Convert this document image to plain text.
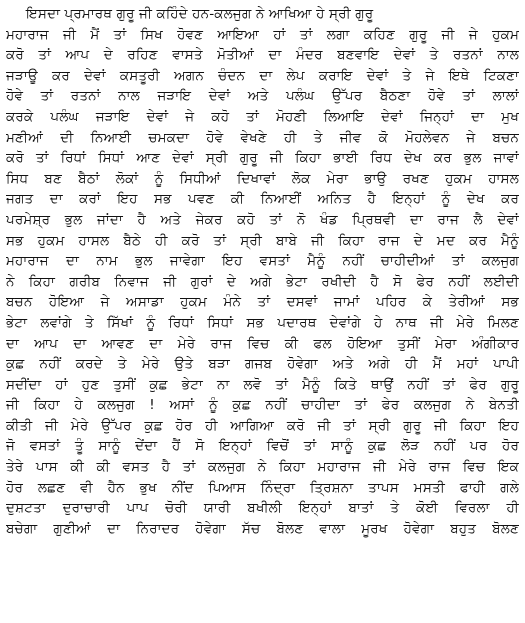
ਇਸਦਾ ਪ੍ਰਮਾਰਥ ਗੁਰੂ ਜੀ ਕਹਿੰਦੇ ਹਨ-ਕਲਜੁਗ ਨੇ ਆਖਿਆ ਹੇ ਸ੍ਰੀ ਗੁਰੂ
ਮਹਾਰਾਜ ਜੀ ਮੈਂ ਤਾਂ ਸਿਖ ਹੋਵਣ ਆਇਆ ਹਾਂ ਤਾਂ ਲਗਾ ਕਹਿਣ ਗੁਰੂ ਜੀ ਜੇ ਹੁਕਮ
ਕਰੋ ਤਾਂ ਆਪ ਦੇ ਰਹਿਣ ਵਾਸਤੇ ਮੋਤੀਆਂ ਦਾ ਮੰਦਰ ਬਣਵਾਇ ਦੇਵਾਂ ਤੇ ਰਤਨਾਂ ਨਾਲ
ਜੜਾਊ ਕਰ ਦੇਵਾਂ ਕਸਤੂਰੀ ਅਗਨ ਚੰਦਨ ਦਾ ਲੇਪ ਕਰਾਇ ਦੇਵਾਂ ਤੇ ਜੇ ਇਥੇ ਟਿਕਣਾ
ਹੋਵੇ ਤਾਂ ਰਤਨਾਂ ਨਾਲ ਜੜਾਇ ਦੇਵਾਂ ਅਤੇ ਪਲੰਘ ਉੱਪਰ ਬੈਠਣਾ ਹੋਵੇ ਤਾਂ ਲਾਲਾਂ
ਕਰਕੇ ਪਲੰਘ ਜੜਾਇ ਦੇਵਾਂ ਜੇ ਕਹੋ ਤਾਂ ਮੋਹਣੀ ਲਿਆਇ ਦੇਵਾਂ ਜਿਨ੍ਹਾਂ ਦਾ ਮੁਖ
ਮਣੀਆਂ ਦੀ ਨਿਆਈ ਚਮਕਦਾ ਹੋਵੇ ਵੇਖਣੇ ਹੀ ਤੇ ਜੀਵ ਕੋ ਮੋਹਲੇਵਨ ਜੇ ਬਚਨ
ਕਰੋ ਤਾਂ ਰਿਧਾਂ ਸਿਧਾਂ ਆਣ ਦੇਵਾਂ ਸ੍ਰੀ ਗੁਰੂ ਜੀ ਕਿਹਾ ਭਾਈ ਰਿਧ ਦੇਖ ਕਰ ਭੁਲ ਜਾਵਾਂ
ਸਿਧ ਬਣ ਬੈਠਾਂ ਲੋਕਾਂ ਨੂੰ ਸਿਧੀਆਂ ਦਿਖਾਵਾਂ ਲੋਕ ਮੇਰਾ ਭਾਉ ਰਖਣ ਹੁਕਮ ਹਾਸਲ
ਜਗਤ ਦਾ ਕਰਾਂ ਇਹ ਸਭ ਪਵਣ ਕੀ ਨਿਆਈਂ ਅਨਿਤ ਹੈ ਇਨ੍ਹਾਂ ਨੂੰ ਦੇਖ ਕਰ
ਪਰਮੇਸ਼੍ਰ ਭੁਲ ਜਾਂਦਾ ਹੈ ਅਤੇ ਜੇਕਰ ਕਹੋ ਤਾਂ ਨੋ ਖੰਡ ਪ੍ਰਿਥਵੀ ਦਾ ਰਾਜ ਲੈ ਦੇਵਾਂ
ਸਭ ਹੁਕਮ ਹਾਸਲ ਬੈਠੇ ਹੀ ਕਰੋ ਤਾਂ ਸ੍ਰੀ ਬਾਬੇ ਜੀ ਕਿਹਾ ਰਾਜ ਦੇ ਮਦ ਕਰ ਮੈਨੂੰ
ਮਹਾਰਾਜ ਦਾ ਨਾਮ ਭੁਲ ਜਾਵੇਗਾ ਇਹ ਵਸਤਾਂ ਮੈਨੂੰ ਨਹੀਂ ਚਾਹੀਦੀਆਂ ਤਾਂ ਕਲਜੁਗ
ਨੇ ਕਿਹਾ ਗਰੀਬ ਨਿਵਾਜ ਜੀ ਗੁਰਾਂ ਦੇ ਅਗੇ ਭੇਟਾ ਰਖੀਦੀ ਹੈ ਸੋ ਫੇਰ ਨਹੀਂ ਲਈਦੀ
ਬਚਨ ਹੋਇਆ ਜੇ ਅਸਾਡਾ ਹੁਕਮ ਮੰਨੇ ਤਾਂ ਦਸਵਾਂ ਜਾਮਾਂ ਪਹਿਰ ਕੇ ਤੇਰੀਆਂ ਸਭ
ਭੇਟਾ ਲਵਾਂਗੇ ਤੇ ਸਿੱਖਾਂ ਨੂੰ ਰਿਧਾਂ ਸਿਧਾਂ ਸਭ ਪਦਾਰਥ ਦੇਵਾਂਗੇ ਹੇ ਨਾਥ ਜੀ ਮੇਰੇ ਮਿਲਣ
ਦਾ ਆਪ ਦਾ ਆਵਣ ਦਾ ਮੇਰੇ ਰਾਜ ਵਿਚ ਕੀ ਫਲ ਹੋਇਆ ਤੁਸੀਂ ਮੇਰਾ ਅੰਗੀਕਾਰ
ਕੁਛ ਨਹੀਂ ਕਰਦੇ ਤੇ ਮੇਰੇ ਉਤੇ ਬੜਾ ਗਜਬ ਹੋਵੇਗਾ ਅਤੇ ਅਗੇ ਹੀ ਮੈਂ ਮਹਾਂ ਪਾਪੀ
ਸਦੀਂਦਾ ਹਾਂ ਹੁਣ ਤੁਸੀਂ ਕੁਛ ਭੇਟਾ ਨਾ ਲਵੋ ਤਾਂ ਮੈਨੂੰ ਕਿਤੇ ਥਾਉਂ ਨਹੀਂ ਤਾਂ ਫੇਰ ਗੁਰੂ
ਜੀ ਕਿਹਾ ਹੇ ਕਲਜੁਗ ! ਅਸਾਂ ਨੂੰ ਕੁਛ ਨਹੀਂ ਚਾਹੀਦਾ ਤਾਂ ਫੇਰ ਕਲਜੁਗ ਨੇ ਬੇਨਤੀ
ਕੀਤੀ ਜੀ ਮੇਰੇ ਉੱਪਰ ਕੁਛ ਹੋਰ ਹੀ ਆਗਿਆ ਕਰੋ ਜੀ ਤਾਂ ਸ੍ਰੀ ਗੁਰੂ ਜੀ ਕਿਹਾ ਇਹ
ਜੋ ਵਸਤਾਂ ਤੂੰ ਸਾਨੂੰ ਦੇਂਦਾ ਹੈਂ ਸੋ ਇਨ੍ਹਾਂ ਵਿਚੋਂ ਤਾਂ ਸਾਨੂੰ ਕੁਛ ਲੋੜ ਨਹੀਂ ਪਰ ਹੋਰ
ਤੇਰੇ ਪਾਸ ਕੀ ਕੀ ਵਸਤ ਹੈ ਤਾਂ ਕਲਜੁਗ ਨੇ ਕਿਹਾ ਮਹਾਰਾਜ ਜੀ ਮੇਰੇ ਰਾਜ ਵਿਚ ਇਕ
ਹੋਰ ਲਛਣ ਵੀ ਹੈਨ ਭੁਖ ਨੀਂਦ ਪਿਆਸ ਨਿੰਦ੍ਰਾ ਤ੍ਰਿਸ਼ਨਾ ਤਾਪਸ ਮਸਤੀ ਫਾਹੀ ਗਲੇ
ਦੁਸ਼ਟਤਾ ਦੁਰਾਚਾਰੀ ਪਾਪ ਚੋਰੀ ਯਾਰੀ ਬਖੀਲੀ ਇਨ੍ਹਾਂ ਬਾਤਾਂ ਤੇ ਕੋਈ ਵਿਰਲਾ ਹੀ
ਬਚੇਗਾ ਗੁਣੀਆਂ ਦਾ ਨਿਰਾਦਰ ਹੋਵੇਗਾ ਸੱਚ ਬੋਲਣ ਵਾਲਾ ਮੂਰਖ ਹੋਵੇਗਾ ਬਹੁਤ ਬੋਲਣ
